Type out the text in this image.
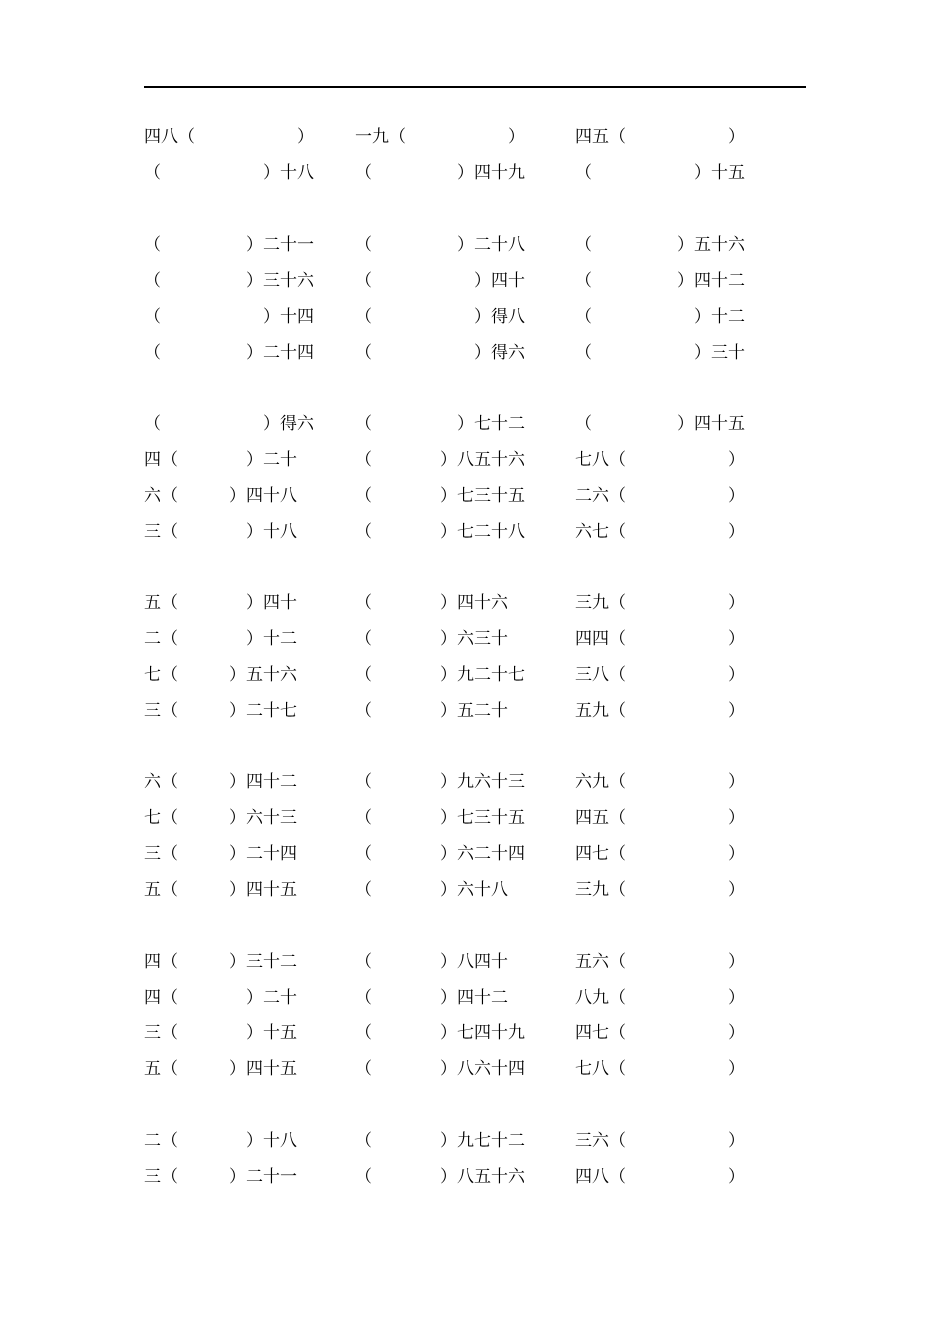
四八（　　　　　　） 一九（　　　　　　）	四五（　　　　　　）
（　　　　　　）十八 （　　　　　）四十九	（　　　　　　）十五
（　　　　　）二十一 （　　　　　）二十八	（　　　　　）五十六
（　　　　　）三十六 （　　　　　　）四十	（　　　　　）四十二
（　　　　　　）十四 （　　　　　　）得八	（　　　　　　）十二
（　　　　　）二十四 （　　　　　　）得六	（　　　　　　）三十
（　　　　　　）得六 （　　　　　）七十二	（　　　　　）四十五
四（　　　　）二十	（　　　　）八五十六	七八（　　　　　　）
六（　　　）四十八	（　　　　）七三十五	二六（　　　　　　）
三（　　　　）十八	（　　　　）七二十八	六七（　　　　　　）
五（　　　　）四十	（　　　　）四十六	三九（　　　　　　）
二（　　　　）十二	（　　　　）六三十	四四（　　　　　　）
七（　　　）五十六	（　　　　）九二十七	三八（　　　　　　）
三（　　　）二十七	（　　　　）五二十	五九（　　　　　　）
六（　　　）四十二	（　　　　）九六十三	六九（　　　　　　）
七（　　　）六十三	（　　　　）七三十五	四五（　　　　　　）
三（　　　）二十四	（　　　　）六二十四	四七（　　　　　　）
五（　　　）四十五	（　　　　）六十八	三九（　　　　　　）
四（　　　）三十二	（　　　　）八四十	五六（　　　　　　）
四（　　　　）二十	（　　　　）四十二	八九（　　　　　　）
三（　　　　）十五	（　　　　）七四十九	四七（　　　　　　）
五（　　　）四十五	（　　　　）八六十四	七八（　　　　　　）
二（　　　　）十八	（　　　　）九七十二	三六（　　　　　　）
三（　　　）二十一	（　　　　）八五十六	四八（　　　　　　）
